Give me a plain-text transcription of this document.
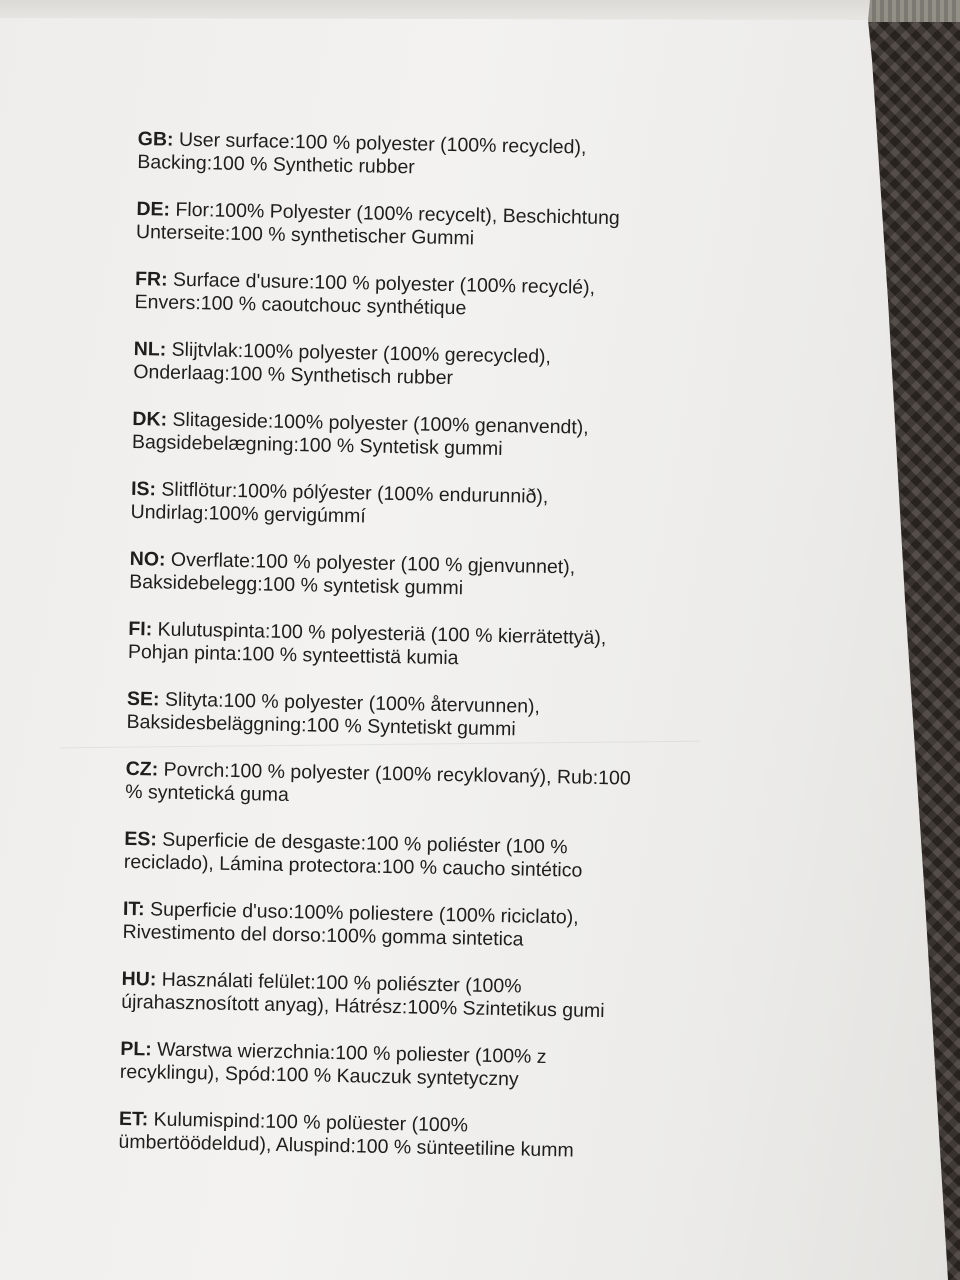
GB: User surface:100 % polyester (100% recycled),
Backing:100 % Synthetic rubber
DE: Flor:100% Polyester (100% recycelt), Beschichtung
Unterseite:100 % synthetischer Gummi
FR: Surface d'usure:100 % polyester (100% recyclé),
Envers:100 % caoutchouc synthétique
NL: Slijtvlak:100% polyester (100% gerecycled),
Onderlaag:100 % Synthetisch rubber
DK: Slitageside:100% polyester (100% genanvendt),
Bagsidebelægning:100 % Syntetisk gummi
IS: Slitflötur:100% pólýester (100% endurunnið),
Undirlag:100% gervigúmmí
NO: Overflate:100 % polyester (100 % gjenvunnet),
Baksidebelegg:100 % syntetisk gummi
FI: Kulutuspinta:100 % polyesteriä (100 % kierrätettyä),
Pohjan pinta:100 % synteettistä kumia
SE: Slityta:100 % polyester (100% återvunnen),
Baksidesbeläggning:100 % Syntetiskt gummi
CZ: Povrch:100 % polyester (100% recyklovaný), Rub:100
% syntetická guma
ES: Superficie de desgaste:100 % poliéster (100 %
reciclado), Lámina protectora:100 % caucho sintético
IT: Superficie d'uso:100% poliestere (100% riciclato),
Rivestimento del dorso:100% gomma sintetica
HU: Használati felület:100 % poliészter (100%
újrahasznosított anyag), Hátrész:100% Szintetikus gumi
PL: Warstwa wierzchnia:100 % poliester (100% z
recyklingu), Spód:100 % Kauczuk syntetyczny
ET: Kulumispind:100 % polüester (100%
ümbertöödeldud), Aluspind:100 % sünteetiline kumm
